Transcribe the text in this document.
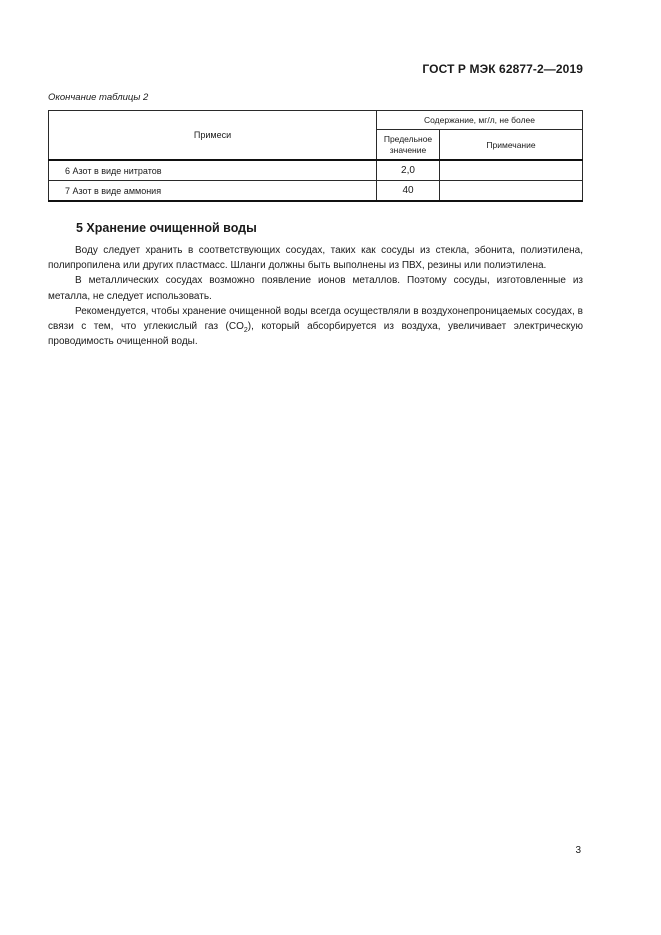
ГОСТ Р МЭК 62877-2—2019
Окончание таблицы 2
Примеси	Содержание, мг/л, не более	
	Предельное значение	Примечание
6 Азот в виде нитратов	2,0	
7 Азот в виде аммония	40	
5 Хранение очищенной воды

Воду следует хранить в соответствующих сосудах, таких как сосуды из стекла, эбонита, полиэтилена, полипропилена или других пластмасс. Шланги должны быть выполнены из ПВХ, резины или полиэтилена.

В металлических сосудах возможно появление ионов металлов. Поэтому сосуды, изготовленные из металла, не следует использовать.

Рекомендуется, чтобы хранение очищенной воды всегда осуществляли в воздухонепроницаемых сосудах, в связи с тем, что углекислый газ $(CO_2)$, который абсорбируется из воздуха, увеличивает электрическую проводимость очищенной воды.

3
